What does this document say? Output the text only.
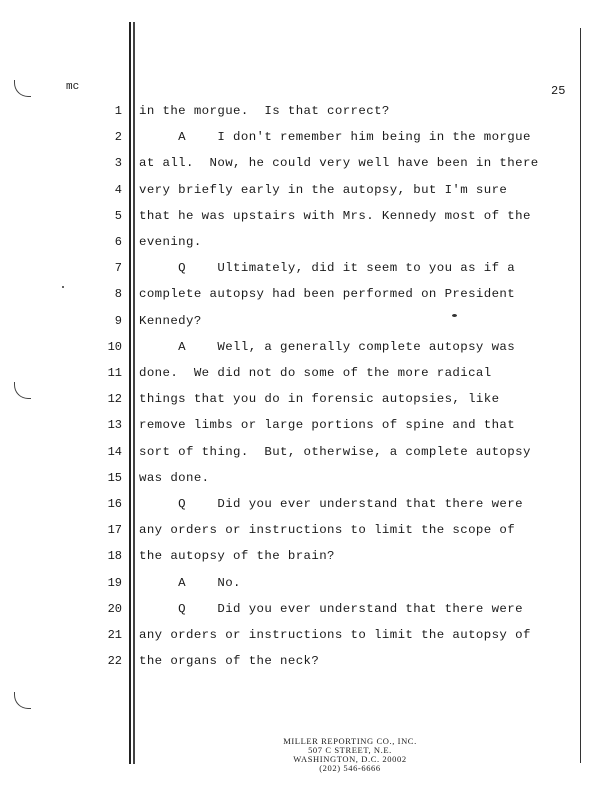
mc	25
1 in the morgue.  Is that correct?
2 A    I don't remember him being in the morgue
3 at all.  Now, he could very well have been in there
4 very briefly early in the autopsy, but I'm sure
5 that he was upstairs with Mrs. Kennedy most of the
6 evening.
7 Q    Ultimately, did it seem to you as if a
8 complete autopsy had been performed on President
9 Kennedy?
10 A    Well, a generally complete autopsy was
11 done.  We did not do some of the more radical
12 things that you do in forensic autopsies, like
13 remove limbs or large portions of spine and that
14 sort of thing.  But, otherwise, a complete autopsy
15 was done.
16 Q    Did you ever understand that there were
17 any orders or instructions to limit the scope of
18 the autopsy of the brain?
19 A    No.
20 Q    Did you ever understand that there were
21 any orders or instructions to limit the autopsy of
22 the organs of the neck?
MILLER REPORTING CO., INC.
507 C STREET, N.E.
WASHINGTON, D.C. 20002
(202) 546-6666
